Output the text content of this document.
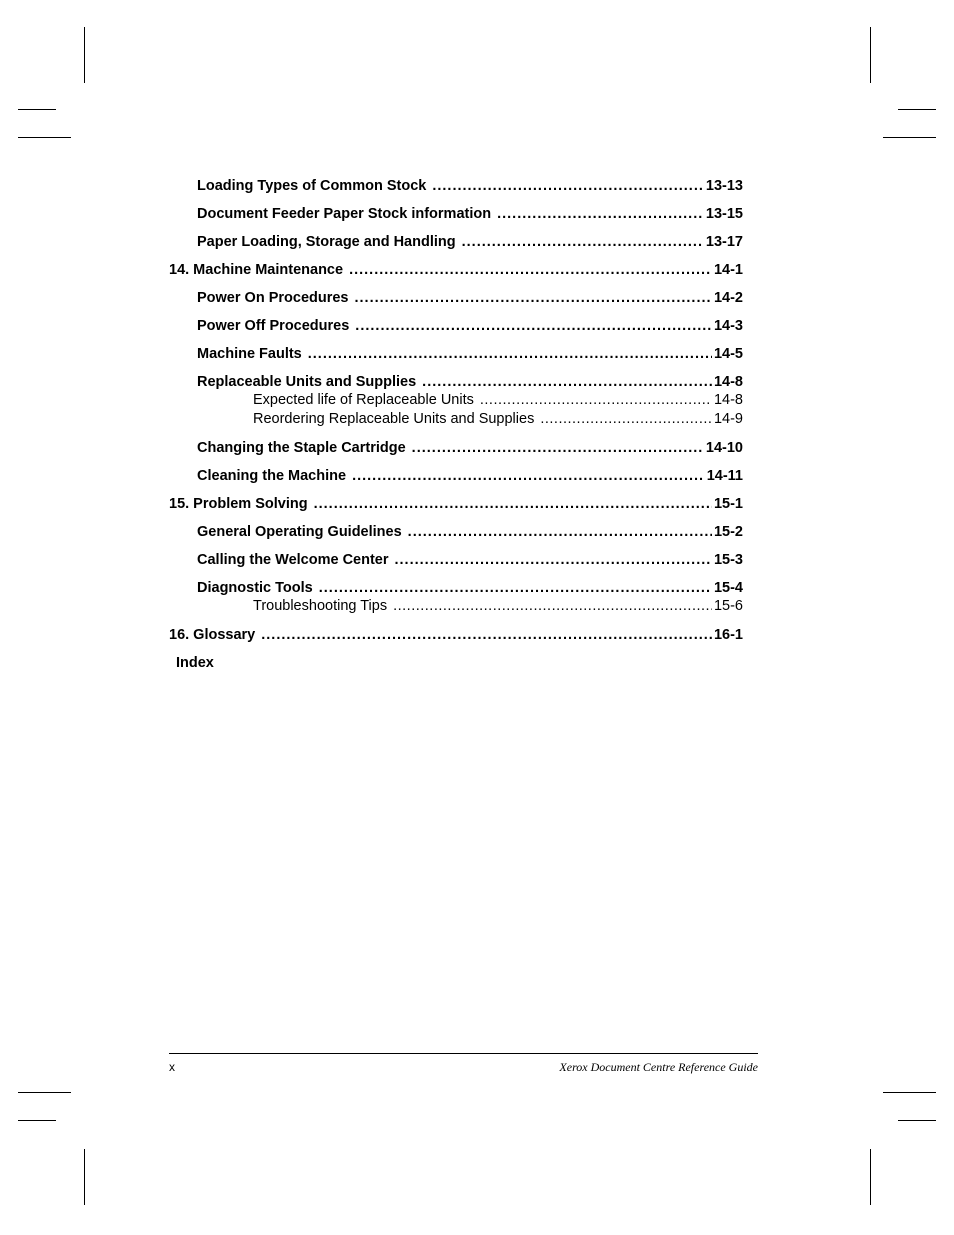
Loading Types of Common Stock .....	13-13
Document Feeder Paper Stock information .....	13-15
Paper Loading, Storage and Handling .....	13-17
14. Machine Maintenance .....	14-1
Power On Procedures .....	14-2
Power Off Procedures .....	14-3
Machine Faults .....	14-5
Replaceable Units and Supplies .....	14-8
Expected life of Replaceable Units .....	14-8
Reordering Replaceable Units and Supplies .....	14-9
Changing the Staple Cartridge .....	14-10
Cleaning the Machine .....	14-11
15. Problem Solving .....	15-1
General Operating Guidelines .....	15-2
Calling the Welcome Center .....	15-3
Diagnostic Tools .....	15-4
Troubleshooting Tips .....	15-6
16. Glossary .....	16-1
Index
x	Xerox Document Centre Reference Guide
